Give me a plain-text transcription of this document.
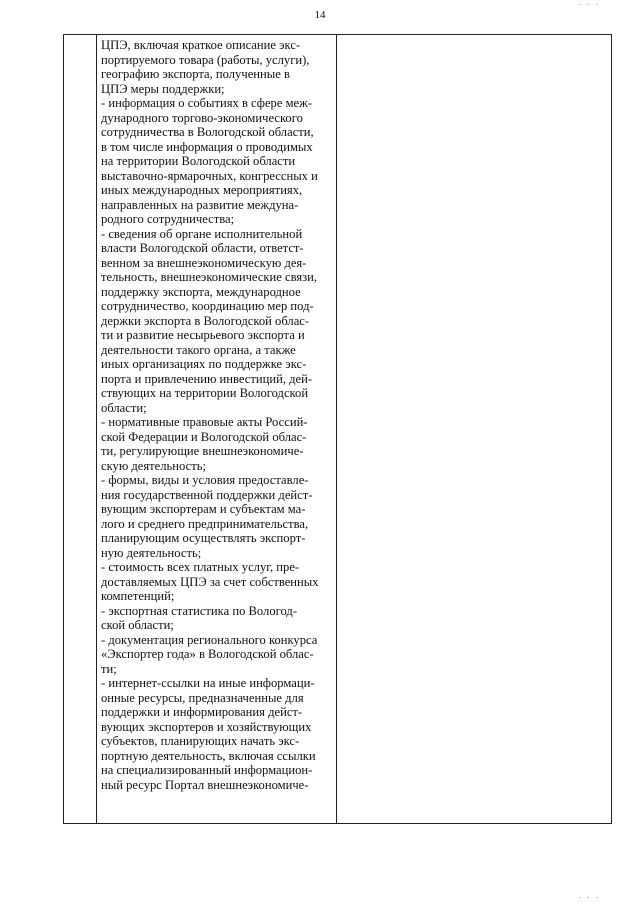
. . .
14

ЦПЭ, включая краткое описание экс-
портируемого товара (работы, услуги),
географию экспорта, полученные в
ЦПЭ меры поддержки;
- информация о событиях в сфере меж-
дународного торгово-экономического
сотрудничества в Вологодской области,
в том числе информация о проводимых
на территории Вологодской области
выставочно-ярмарочных, конгрессных и
иных международных мероприятиях,
направленных на развитие междуна-
родного сотрудничества;
- сведения об органе исполнительной
власти Вологодской области, ответст-
венном за внешнеэкономическую дея-
тельность, внешнеэкономические связи,
поддержку экспорта, международное
сотрудничество, координацию мер под-
держки экспорта в Вологодской облас-
ти и развитие несырьевого экспорта и
деятельности такого органа, а также
иных организациях по поддержке экс-
порта и привлечению инвестиций, дей-
ствующих на территории Вологодской
области;
- нормативные правовые акты Россий-
ской Федерации и Вологодской облас-
ти, регулирующие внешнеэкономиче-
скую деятельность;
- формы, виды и условия предоставле-
ния государственной поддержки дейст-
вующим экспортерам и субъектам ма-
лого и среднего предпринимательства,
планирующим осуществлять экспорт-
ную деятельность;
- стоимость всех платных услуг, пре-
доставляемых ЦПЭ за счет собственных
компетенций;
- экспортная статистика по Вологод-
ской области;
- документация регионального конкурса
«Экспортер года» в Вологодской облас-
ти;
- интернет-ссылки на иные информаци-
онные ресурсы, предназначенные для
поддержки и информирования дейст-
вующих экспортеров и хозяйствующих
субъектов, планирующих начать экс-
портную деятельность, включая ссылки
на специализированный информацион-
ный ресурс Портал внешнеэкономиче-

. . .
